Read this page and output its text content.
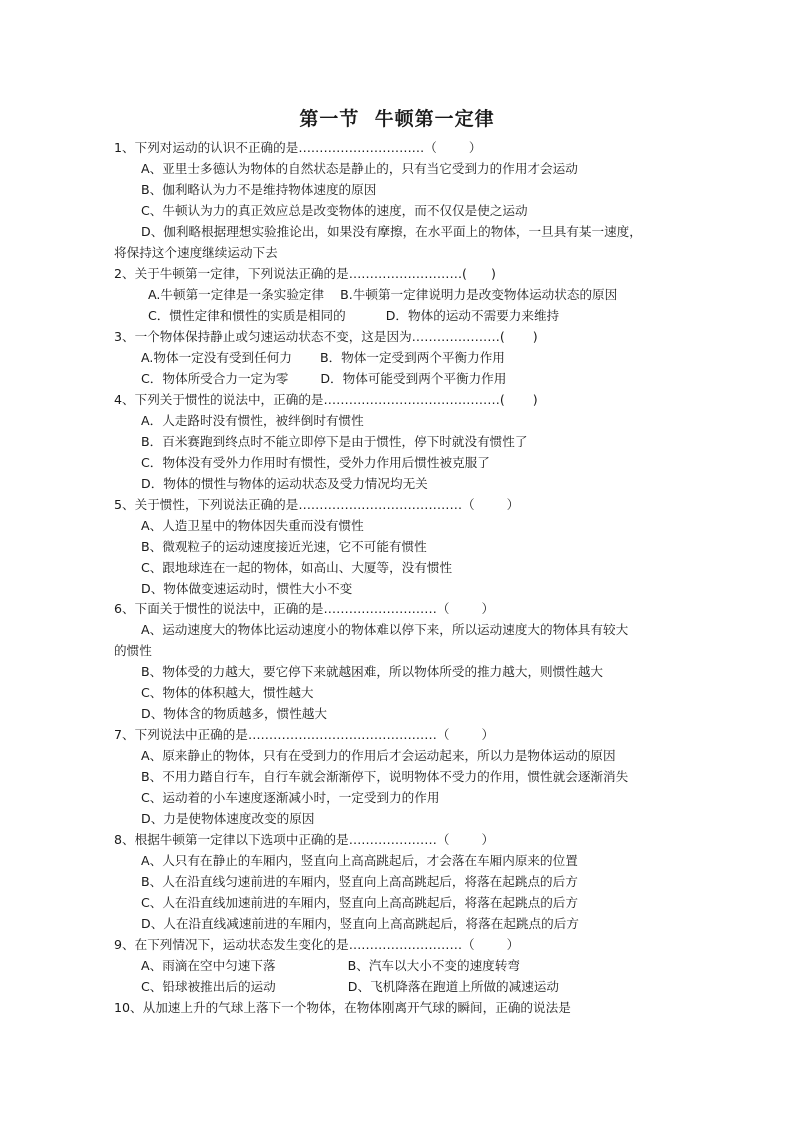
第一节  牛顿第一定律
1、下列对运动的认识不正确的是…………………………（        ）
A、亚里士多德认为物体的自然状态是静止的，只有当它受到力的作用才会运动
B、伽利略认为力不是维持物体速度的原因
C、牛顿认为力的真正效应总是改变物体的速度，而不仅仅是使之运动
D、伽利略根据理想实验推论出，如果没有摩擦，在水平面上的物体，一旦具有某一速度，
将保持这个速度继续运动下去
2、关于牛顿第一定律，下列说法正确的是………………………(      )
A.牛顿第一定律是一条实验定律    B.牛顿第一定律说明力是改变物体运动状态的原因
C．惯性定律和惯性的实质是相同的          D．物体的运动不需要力来维持
3、一个物体保持静止或匀速运动状态不变，这是因为…………………(       )
A.物体一定没有受到任何力       B．物体一定受到两个平衡力作用
C．物体所受合力一定为零        D．物体可能受到两个平衡力作用
4、下列关于惯性的说法中，正确的是……………………………………(       )
A．人走路时没有惯性，被绊倒时有惯性
B．百米赛跑到终点时不能立即停下是由于惯性，停下时就没有惯性了
C．物体没有受外力作用时有惯性，受外力作用后惯性被克服了
D．物体的惯性与物体的运动状态及受力情况均无关
5、关于惯性，下列说法正确的是…………………………………（        ）
A、人造卫星中的物体因失重而没有惯性
B、微观粒子的运动速度接近光速，它不可能有惯性
C、跟地球连在一起的物体，如高山、大厦等，没有惯性
D、物体做变速运动时，惯性大小不变
6、下面关于惯性的说法中，正确的是………………………（        ）
A、运动速度大的物体比运动速度小的物体难以停下来，所以运动速度大的物体具有较大
的惯性
B、物体受的力越大，要它停下来就越困难，所以物体所受的推力越大，则惯性越大
C、物体的体积越大，惯性越大
D、物体含的物质越多，惯性越大
7、下列说法中正确的是………………………………………（        ）
A、原来静止的物体，只有在受到力的作用后才会运动起来，所以力是物体运动的原因
B、不用力踏自行车，自行车就会渐渐停下，说明物体不受力的作用，惯性就会逐渐消失
C、运动着的小车速度逐渐减小时，一定受到力的作用
D、力是使物体速度改变的原因
8、根据牛顿第一定律以下选项中正确的是…………………（        ）
A、人只有在静止的车厢内，竖直向上高高跳起后，才会落在车厢内原来的位置
B、人在沿直线匀速前进的车厢内，竖直向上高高跳起后，将落在起跳点的后方
C、人在沿直线加速前进的车厢内，竖直向上高高跳起后，将落在起跳点的后方
D、人在沿直线减速前进的车厢内，竖直向上高高跳起后，将落在起跳点的后方
9、在下列情况下，运动状态发生变化的是………………………（        ）
A、雨滴在空中匀速下落                  B、汽车以大小不变的速度转弯
C、铅球被推出后的运动                  D、飞机降落在跑道上所做的减速运动
10、从加速上升的气球上落下一个物体，在物体刚离开气球的瞬间，正确的说法是
